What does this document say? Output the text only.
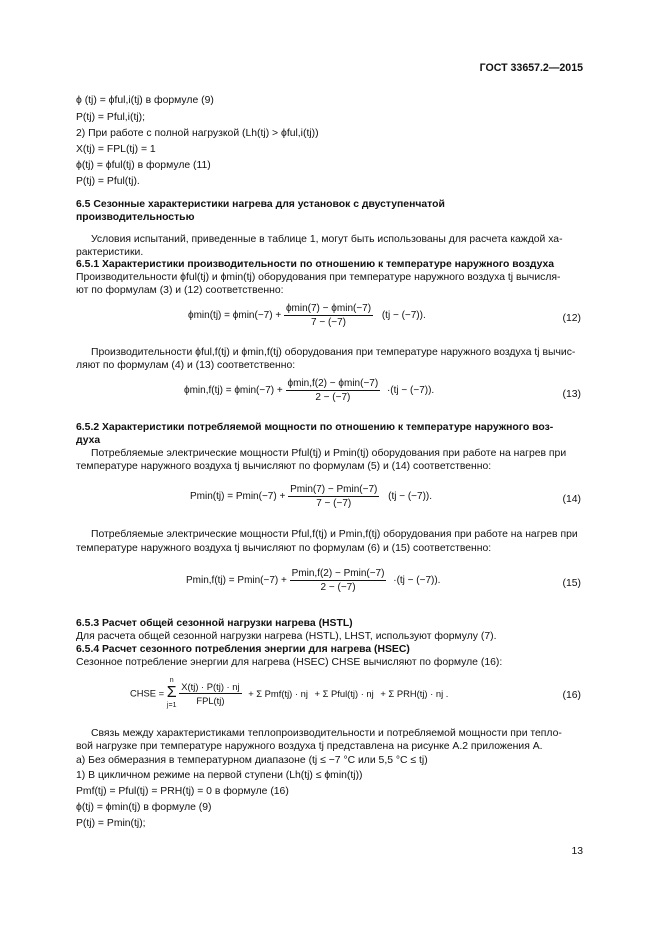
ГОСТ 33657.2—2015
ϕ (tj) = ϕful,i(tj) в формуле (9)
P(tj) = Pful,i(tj);
2) При работе с полной нагрузкой (Lh(tj) > ϕful,i(tj))
X(tj) = FPL(tj) = 1
ϕ(tj) = ϕful(tj) в формуле (11)
P(tj) = Pful(tj).
6.5 Сезонные характеристики нагрева для установок с двуступенчатой
производительностью
Условия испытаний, приведенные в таблице 1, могут быть использованы для расчета каждой ха-
рактеристики.
6.5.1 Характеристики производительности по отношению к температуре наружного воздуха
Производительности ϕful(tj) и ϕmin(tj) оборудования при температуре наружного воздуха tj вычисля-
ют по формулам (3) и (12) соответственно:
$\phi\min(tj) = \phi\min(-7) + \frac{\phi\min(7) - \phi\min(-7)}{7 - (-7)} (tj - (-7))$.	(12)
Производительности ϕful,f(tj) и ϕmin,f(tj) оборудования при температуре наружного воздуха tj вычис-
ляют по формулам (4) и (13) соответственно:
$\phi\min,f(tj) = \phi\min(-7) + \frac{\phi\min,f(2) - \phi\min(-7)}{2 - (-7)} \cdot(tj - (-7))$.	(13)
6.5.2 Характеристики потребляемой мощности по отношению к температуре наружного воз-
духа
Потребляемые электрические мощности Pful(tj) и Pmin(tj) оборудования при работе на нагрев при
температуре наружного воздуха tj вычисляют по формулам (5) и (14) соответственно:
$Pmin(tj) = Pmin(-7) + \frac{Pmin(7) - Pmin(-7)}{7 - (-7)} (tj - (-7))$.	(14)
Потребляемые электрические мощности Pful,f(tj) и Pmin,f(tj) оборудования при работе на нагрев при
температуре наружного воздуха tj вычисляют по формулам (6) и (15) соответственно:
$Pmin,f(tj) = Pmin(-7) + \frac{Pmin,f(2) - Pmin(-7)}{2 - (-7)} \cdot(tj - (-7))$.	(15)
6.5.3 Расчет общей сезонной нагрузки нагрева (HSTL)
Для расчета общей сезонной нагрузки нагрева (HSTL), LHST, используют формулу (7).
6.5.4 Расчет сезонного потребления энергии для нагрева (HSEC)
Сезонное потребление энергии для нагрева (HSEC) CHSE вычисляют по формуле (16):
CHSE = n
Σ
$j=1 \frac{X(tj) \cdot P(tj) \cdot nj}{\text{FPL(tj)}} + \Sigma$ Pmf(tj) · nj + Σ Pful(tj) · nj + Σ PRH(tj) · nj .	(16)
Связь между характеристиками теплопроизводительности и потребляемой мощности при тепло-
вой нагрузке при температуре наружного воздуха tj представлена на рисунке А.2 приложения А.
а) Без обмеразния в температурном диапазоне (tj ≤ −7 °С или 5,5 °С ≤ tj)
1) В цикличном режиме на первой ступени (Lh(tj) ≤ ϕmin(tj))
Pmf(tj) = Pful(tj) = PRH(tj) = 0 в формуле (16)
ϕ(tj) = ϕmin(tj) в формуле (9)
P(tj) = Pmin(tj);
13
